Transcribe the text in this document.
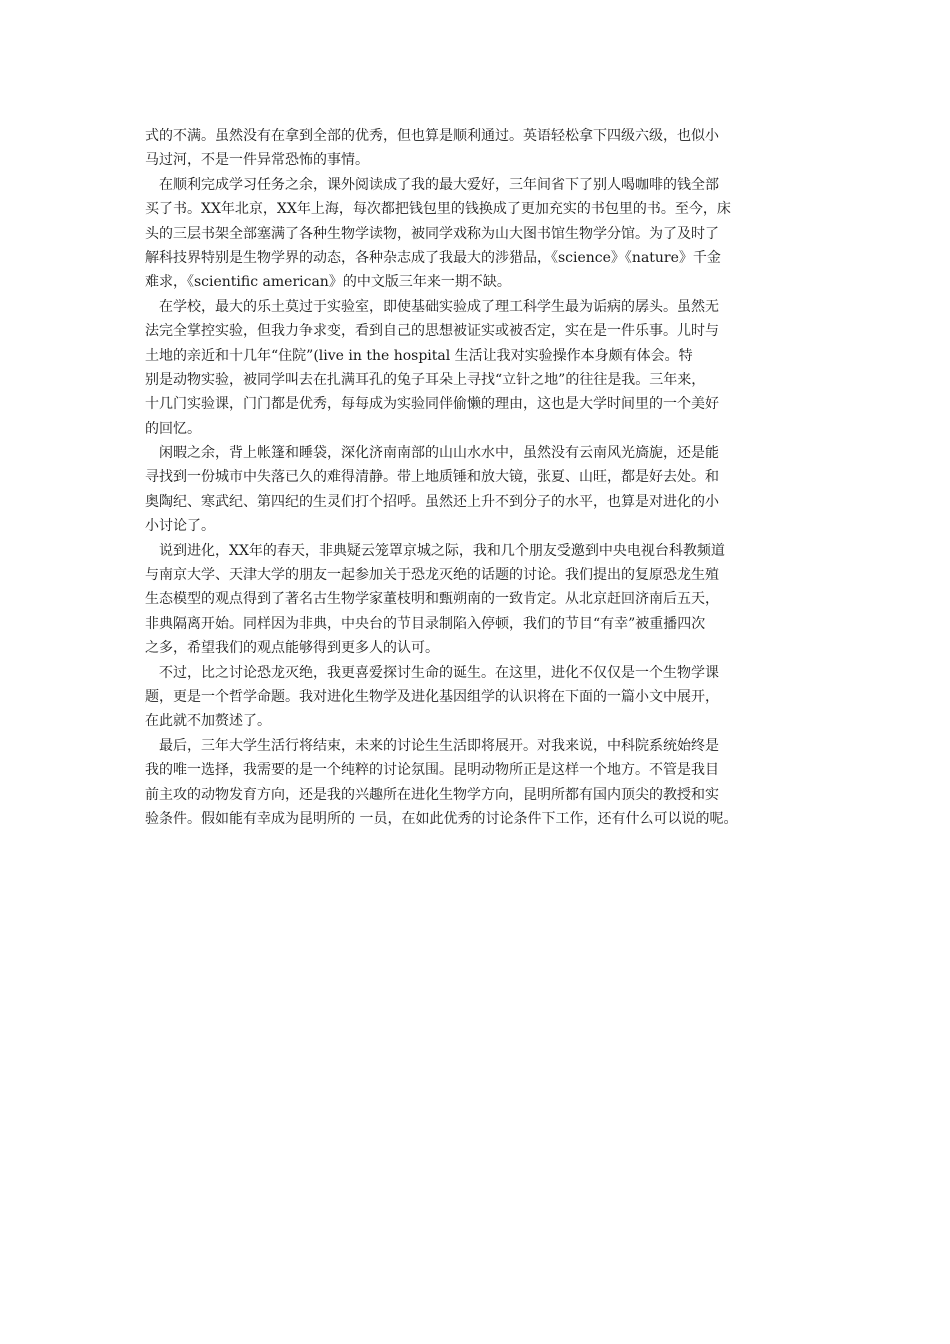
式的不满。虽然没有在拿到全部的优秀，但也算是顺利通过。英语轻松拿下四级六级，也似小
马过河，不是一件异常恐怖的事情。
在顺利完成学习任务之余，课外阅读成了我的最大爱好，三年间省下了别人喝咖啡的钱全部
买了书。XX年北京，XX年上海，每次都把钱包里的钱换成了更加充实的书包里的书。至今，床
头的三层书架全部塞满了各种生物学读物，被同学戏称为山大图书馆生物学分馆。为了及时了
解科技界特别是生物学界的动态，各种杂志成了我最大的涉猎品，《science》《nature》千金
难求，《scientific american》的中文版三年来一期不缺。
在学校，最大的乐土莫过于实验室，即使基础实验成了理工科学生最为诟病的孱头。虽然无
法完全掌控实验，但我力争求变，看到自己的思想被证实或被否定，实在是一件乐事。儿时与
土地的亲近和十几年“住院”(live in the hospital 生活让我对实验操作本身颇有体会。特
别是动物实验，被同学叫去在扎满耳孔的兔子耳朵上寻找“立针之地”的往往是我。三年来，
十几门实验课，门门都是优秀，每每成为实验同伴偷懒的理由，这也是大学时间里的一个美好
的回忆。
闲暇之余，背上帐篷和睡袋，深化济南南部的山山水水中，虽然没有云南风光旖旎，还是能
寻找到一份城市中失落已久的难得清静。带上地质锤和放大镜，张夏、山旺，都是好去处。和
奥陶纪、寒武纪、第四纪的生灵们打个招呼。虽然还上升不到分子的水平，也算是对进化的小
小讨论了。
说到进化，XX年的春天，非典疑云笼罩京城之际，我和几个朋友受邀到中央电视台科教频道
与南京大学、天津大学的朋友一起参加关于恐龙灭绝的话题的讨论。我们提出的复原恐龙生殖
生态模型的观点得到了著名古生物学家董枝明和甄朔南的一致肯定。从北京赶回济南后五天，
非典隔离开始。同样因为非典，中央台的节目录制陷入停顿，我们的节目“有幸”被重播四次
之多，希望我们的观点能够得到更多人的认可。
不过，比之讨论恐龙灭绝，我更喜爱探讨生命的诞生。在这里，进化不仅仅是一个生物学课
题，更是一个哲学命题。我对进化生物学及进化基因组学的认识将在下面的一篇小文中展开，
在此就不加赘述了。
最后，三年大学生活行将结束，未来的讨论生生活即将展开。对我来说，中科院系统始终是
我的唯一选择，我需要的是一个纯粹的讨论氛围。昆明动物所正是这样一个地方。不管是我目
前主攻的动物发育方向，还是我的兴趣所在进化生物学方向，昆明所都有国内顶尖的教授和实
验条件。假如能有幸成为昆明所的 一员，在如此优秀的讨论条件下工作，还有什么可以说的呢。
